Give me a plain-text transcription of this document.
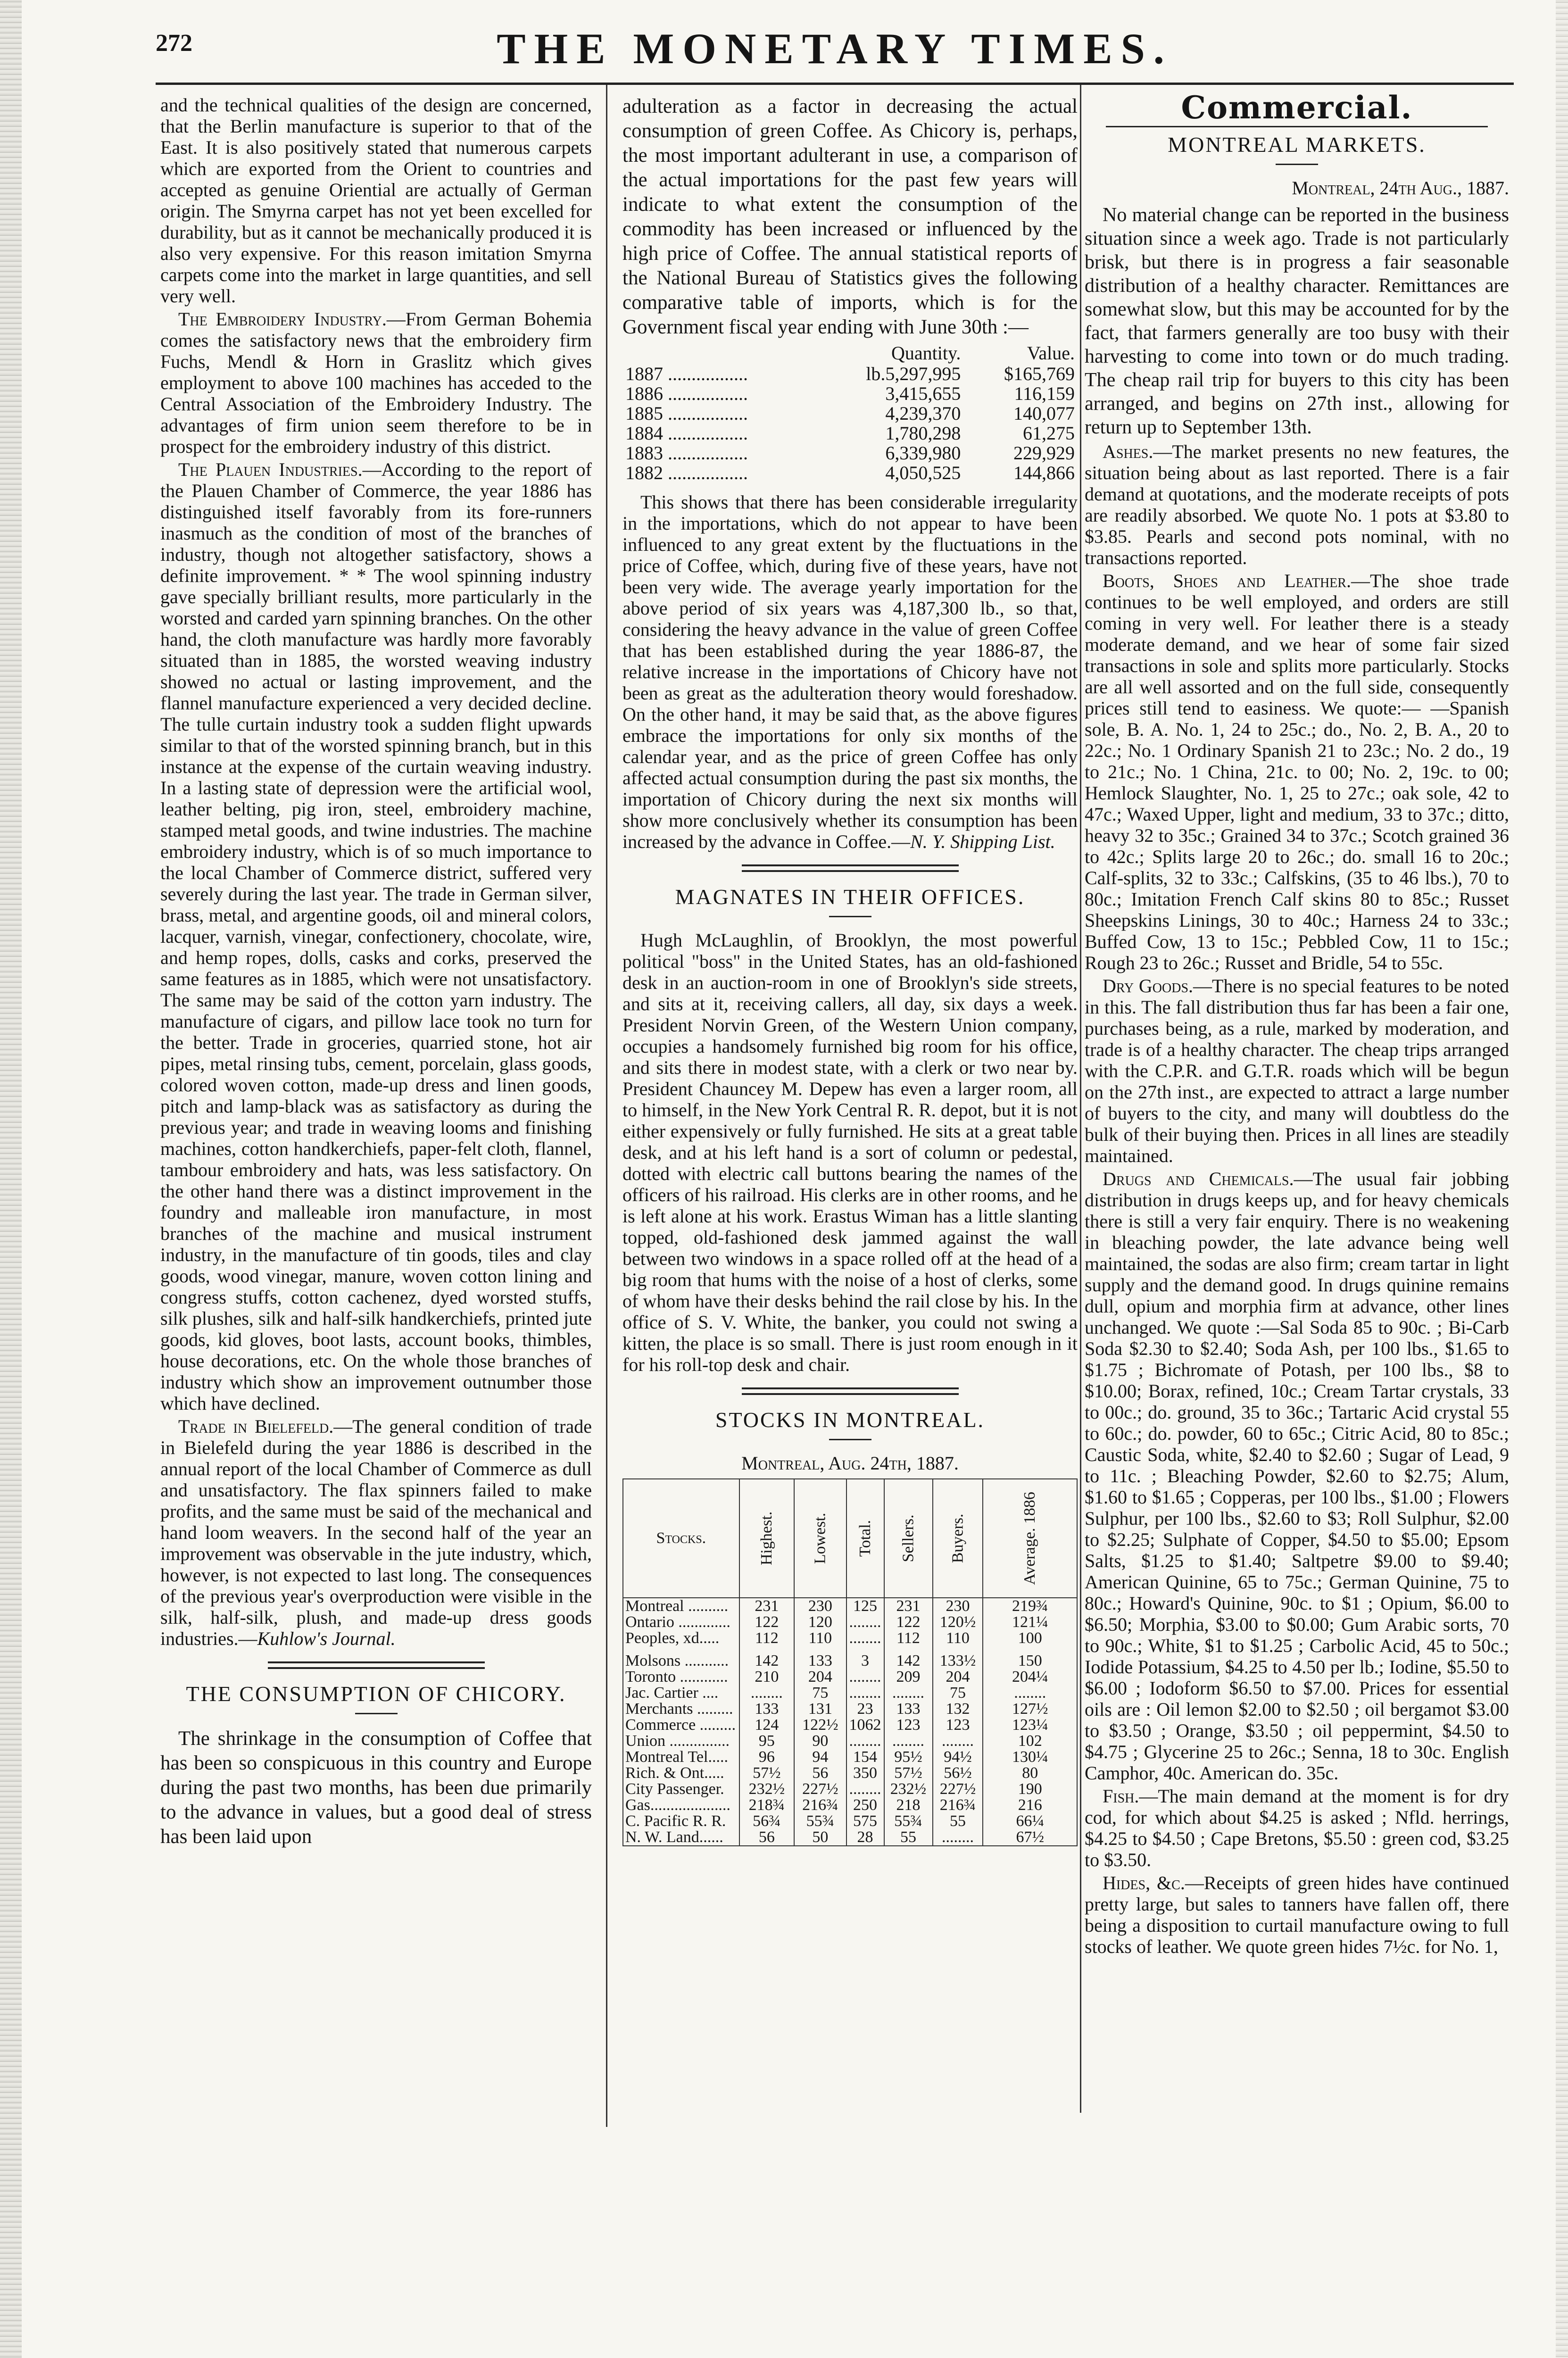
272	THE MONETARY TIMES.

and the technical qualities of the design are concerned, that the Berlin manufacture is superior to that of the East. It is also positively stated that numerous carpets which are exported from the Orient to countries and accepted as genuine Oriential are actually of German origin. The Smyrna carpet has not yet been excelled for durability, but as it cannot be mechanically produced it is also very expensive. For this reason imitation Smyrna carpets come into the market in large quantities, and sell very well.

The Embroidery Industry.—From German Bohemia comes the satisfactory news that the embroidery firm Fuchs, Mendl & Horn in Graslitz which gives employment to above 100 machines has acceded to the Central Association of the Embroidery Industry. The advantages of firm union seem therefore to be in prospect for the embroidery industry of this district.

The Plauen Industries.—According to the report of the Plauen Chamber of Commerce, the year 1886 has distinguished itself favorably from its fore-runners inasmuch as the condition of most of the branches of industry, though not altogether satisfactory, shows a definite improvement. * * The wool spinning industry gave specially brilliant results, more particularly in the worsted and carded yarn spinning branches. On the other hand, the cloth manufacture was hardly more favorably situated than in 1885, the worsted weaving industry showed no actual or lasting improvement, and the flannel manufacture experienced a very decided decline. The tulle curtain industry took a sudden flight upwards similar to that of the worsted spinning branch, but in this instance at the expense of the curtain weaving industry. In a lasting state of depression were the artificial wool, leather belting, pig iron, steel, embroidery machine, stamped metal goods, and twine industries. The machine embroidery industry, which is of so much importance to the local Chamber of Commerce district, suffered very severely during the last year. The trade in German silver, brass, metal, and argentine goods, oil and mineral colors, lacquer, varnish, vinegar, confectionery, chocolate, wire, and hemp ropes, dolls, casks and corks, preserved the same features as in 1885, which were not unsatisfactory. The same may be said of the cotton yarn industry. The manufacture of cigars, and pillow lace took no turn for the better. Trade in groceries, quarried stone, hot air pipes, metal rinsing tubs, cement, porcelain, glass goods, colored woven cotton, made-up dress and linen goods, pitch and lamp-black was as satisfactory as during the previous year; and trade in weaving looms and finishing machines, cotton handkerchiefs, paper-felt cloth, flannel, tambour embroidery and hats, was less satisfactory. On the other hand there was a distinct improvement in the foundry and malleable iron manufacture, in most branches of the machine and musical instrument industry, in the manufacture of tin goods, tiles and clay goods, wood vinegar, manure, woven cotton lining and congress stuffs, cotton cachenez, dyed worsted stuffs, silk plushes, silk and half-silk handkerchiefs, printed jute goods, kid gloves, boot lasts, account books, thimbles, house decorations, etc. On the whole those branches of industry which show an improvement outnumber those which have declined.

Trade in Bielefeld.—The general condition of trade in Bielefeld during the year 1886 is described in the annual report of the local Chamber of Commerce as dull and unsatisfactory. The flax spinners failed to make profits, and the same must be said of the mechanical and hand loom weavers. In the second half of the year an improvement was observable in the jute industry, which, however, is not expected to last long. The consequences of the previous year's overproduction were visible in the silk, half-silk, plush, and made-up dress goods industries.—Kuhlow's Journal.

THE CONSUMPTION OF CHICORY.

The shrinkage in the consumption of Coffee that has been so conspicuous in this country and Europe during the past two months, has been due primarily to the advance in values, but a good deal of stress has been laid upon

adulteration as a factor in decreasing the actual consumption of green Coffee. As Chicory is, perhaps, the most important adulterant in use, a comparison of the actual importations for the past few years will indicate to what extent the consumption of the commodity has been increased or influenced by the high price of Coffee. The annual statistical reports of the National Bureau of Statistics gives the following comparative table of imports, which is for the Government fiscal year ending with June 30th :—

	Quantity.	Value.
1887 .................	lb.5,297,995	$165,769
1886 .................	3,415,655	116,159
1885 .................	4,239,370	140,077
1884 .................	1,780,298	61,275
1883 .................	6,339,980	229,929
1882 .................	4,050,525	144,866

This shows that there has been considerable irregularity in the importations, which do not appear to have been influenced to any great extent by the fluctuations in the price of Coffee, which, during five of these years, have not been very wide. The average yearly importation for the above period of six years was 4,187,300 lb., so that, considering the heavy advance in the value of green Coffee that has been established during the year 1886-87, the relative increase in the importations of Chicory have not been as great as the adulteration theory would foreshadow. On the other hand, it may be said that, as the above figures embrace the importations for only six months of the calendar year, and as the price of green Coffee has only affected actual consumption during the past six months, the importation of Chicory during the next six months will show more conclusively whether its consumption has been increased by the advance in Coffee.—N. Y. Shipping List.

MAGNATES IN THEIR OFFICES.

Hugh McLaughlin, of Brooklyn, the most powerful political "boss" in the United States, has an old-fashioned desk in an auction-room in one of Brooklyn's side streets, and sits at it, receiving callers, all day, six days a week. President Norvin Green, of the Western Union company, occupies a handsomely furnished big room for his office, and sits there in modest state, with a clerk or two near by. President Chauncey M. Depew has even a larger room, all to himself, in the New York Central R. R. depot, but it is not either expensively or fully furnished. He sits at a great table desk, and at his left hand is a sort of column or pedestal, dotted with electric call buttons bearing the names of the officers of his railroad. His clerks are in other rooms, and he is left alone at his work. Erastus Wiman has a little slanting topped, old-fashioned desk jammed against the wall between two windows in a space rolled off at the head of a big room that hums with the noise of a host of clerks, some of whom have their desks behind the rail close by his. In the office of S. V. White, the banker, you could not swing a kitten, the place is so small. There is just room enough in it for his roll-top desk and chair.

STOCKS IN MONTREAL.
Montreal, Aug. 24th, 1887.
Stocks.	Highest.	Lowest.	Total.	Sellers.	Buyers.	Average. 1886
Montreal ..........	231	230	125	231	230	219¾
Ontario .............	122	120	........	122	120½	121¼
Peoples, xd.....	112	110	........	112	110	100

Molsons ...........	142	133	3	142	133½	150
Toronto ............	210	204	........	209	204	204¼
Jac. Cartier ....	........	75	........	........	75	........
Merchants .........	133	131	23	133	132	127½
Commerce .........	124	122½	1062	123	123	123¼
Union ...............	95	90	........	........	........	102
Montreal Tel.....	96	94	154	95½	94½	130¼
Rich. & Ont.....	57½	56	350	57½	56½	80
City Passenger.	232½	227½	........	232½	227½	190
Gas....................	218¾	216¾	250	218	216¾	216
C. Pacific R. R.	56¾	55¾	575	55¾	55	66¼
N. W. Land......	56	50	28	55	........	67½
Commercial.
MONTREAL MARKETS.
Montreal, 24th Aug., 1887.

No material change can be reported in the business situation since a week ago. Trade is not particularly brisk, but there is in progress a fair seasonable distribution of a healthy character. Remittances are somewhat slow, but this may be accounted for by the fact, that farmers generally are too busy with their harvesting to come into town or do much trading. The cheap rail trip for buyers to this city has been arranged, and begins on 27th inst., allowing for return up to September 13th.

Ashes.—The market presents no new features, the situation being about as last reported. There is a fair demand at quotations, and the moderate receipts of pots are readily absorbed. We quote No. 1 pots at $3.80 to $3.85. Pearls and second pots nominal, with no transactions reported.

Boots, Shoes and Leather.—The shoe trade continues to be well employed, and orders are still coming in very well. For leather there is a steady moderate demand, and we hear of some fair sized transactions in sole and splits more particularly. Stocks are all well assorted and on the full side, consequently prices still tend to easiness. We quote:— —Spanish sole, B. A. No. 1, 24 to 25c.; do., No. 2, B. A., 20 to 22c.; No. 1 Ordinary Spanish 21 to 23c.; No. 2 do., 19 to 21c.; No. 1 China, 21c. to 00; No. 2, 19c. to 00; Hemlock Slaughter, No. 1, 25 to 27c.; oak sole, 42 to 47c.; Waxed Upper, light and medium, 33 to 37c.; ditto, heavy 32 to 35c.; Grained 34 to 37c.; Scotch grained 36 to 42c.; Splits large 20 to 26c.; do. small 16 to 20c.; Calf-splits, 32 to 33c.; Calfskins, (35 to 46 lbs.), 70 to 80c.; Imitation French Calf skins 80 to 85c.; Russet Sheepskins Linings, 30 to 40c.; Harness 24 to 33c.; Buffed Cow, 13 to 15c.; Pebbled Cow, 11 to 15c.; Rough 23 to 26c.; Russet and Bridle, 54 to 55c.

Dry Goods.—There is no special features to be noted in this. The fall distribution thus far has been a fair one, purchases being, as a rule, marked by moderation, and trade is of a healthy character. The cheap trips arranged with the C.P.R. and G.T.R. roads which will be begun on the 27th inst., are expected to attract a large number of buyers to the city, and many will doubtless do the bulk of their buying then. Prices in all lines are steadily maintained.

Drugs and Chemicals.—The usual fair jobbing distribution in drugs keeps up, and for heavy chemicals there is still a very fair enquiry. There is no weakening in bleaching powder, the late advance being well maintained, the sodas are also firm; cream tartar in light supply and the demand good. In drugs quinine remains dull, opium and morphia firm at advance, other lines unchanged. We quote :—Sal Soda 85 to 90c. ; Bi-Carb Soda $2.30 to $2.40; Soda Ash, per 100 lbs., $1.65 to $1.75 ; Bichromate of Potash, per 100 lbs., $8 to $10.00; Borax, refined, 10c.; Cream Tartar crystals, 33 to 00c.; do. ground, 35 to 36c.; Tartaric Acid crystal 55 to 60c.; do. powder, 60 to 65c.; Citric Acid, 80 to 85c.; Caustic Soda, white, $2.40 to $2.60 ; Sugar of Lead, 9 to 11c. ; Bleaching Powder, $2.60 to $2.75; Alum, $1.60 to $1.65 ; Copperas, per 100 lbs., $1.00 ; Flowers Sulphur, per 100 lbs., $2.60 to $3; Roll Sulphur, $2.00 to $2.25; Sulphate of Copper, $4.50 to $5.00; Epsom Salts, $1.25 to $1.40; Saltpetre $9.00 to $9.40; American Quinine, 65 to 75c.; German Quinine, 75 to 80c.; Howard's Quinine, 90c. to $1 ; Opium, $6.00 to $6.50; Morphia, $3.00 to $0.00; Gum Arabic sorts, 70 to 90c.; White, $1 to $1.25 ; Carbolic Acid, 45 to 50c.; Iodide Potassium, $4.25 to 4.50 per lb.; Iodine, $5.50 to $6.00 ; Iodoform $6.50 to $7.00. Prices for essential oils are : Oil lemon $2.00 to $2.50 ; oil bergamot $3.00 to $3.50 ; Orange, $3.50 ; oil peppermint, $4.50 to $4.75 ; Glycerine 25 to 26c.; Senna, 18 to 30c. English Camphor, 40c. American do. 35c.

Fish.—The main demand at the moment is for dry cod, for which about $4.25 is asked ; Nfld. herrings, $4.25 to $4.50 ; Cape Bretons, $5.50 : green cod, $3.25 to $3.50.

Hides, &c.—Receipts of green hides have continued pretty large, but sales to tanners have fallen off, there being a disposition to curtail manufacture owing to full stocks of leather. We quote green hides 7½c. for No. 1,
